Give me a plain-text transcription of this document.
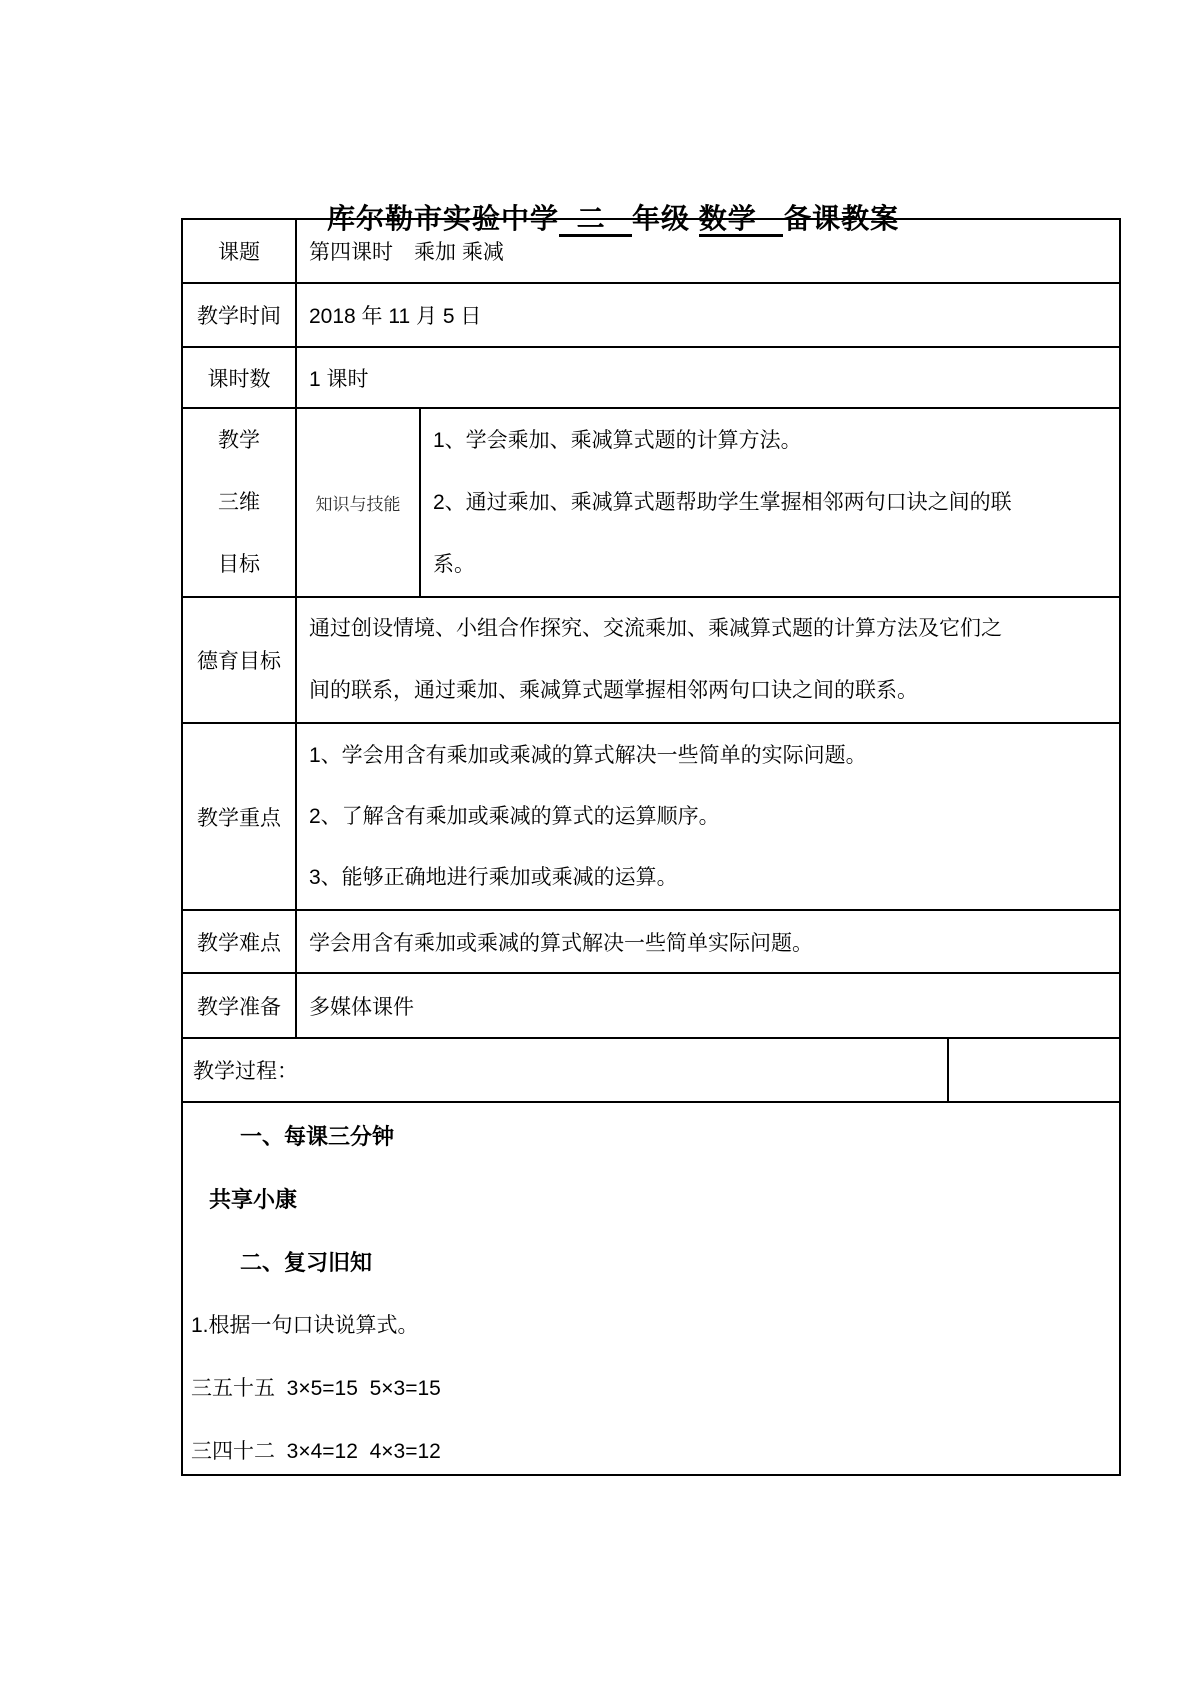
库尔勒市实验中学  二   年级 数学   备课教案

课题 第四课时　乘加 乘减
教学时间 2018 年 11 月 5 日
课时数 1 课时
教学
三维
目标
知识与技能
1、学会乘加、乘减算式题的计算方法。
2、通过乘加、乘减算式题帮助学生掌握相邻两句口诀之间的联
系。
德育目标
通过创设情境、小组合作探究、交流乘加、乘减算式题的计算方法及它们之
间的联系，通过乘加、乘减算式题掌握相邻两句口诀之间的联系。
教学重点
1、学会用含有乘加或乘减的算式解决一些简单的实际问题。
2、了解含有乘加或乘减的算式的运算顺序。
3、能够正确地进行乘加或乘减的运算。
教学难点 学会用含有乘加或乘减的算式解决一些简单实际问题。
教学准备 多媒体课件
教学过程：
一、每课三分钟
共享小康
二、复习旧知
1.根据一句口诀说算式。
三五十五  3×5=15  5×3=15
三四十二  3×4=12  4×3=12
